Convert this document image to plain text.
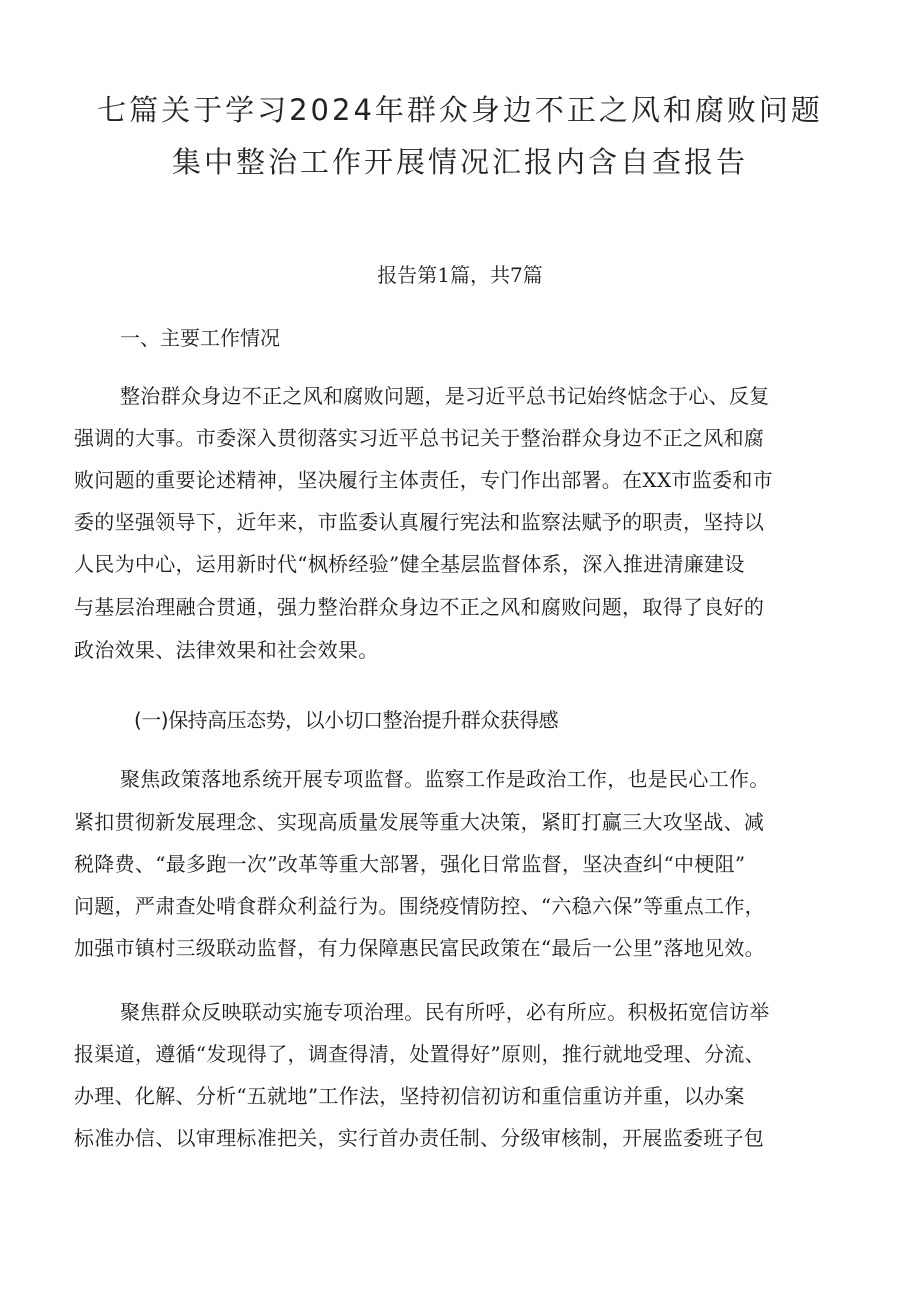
七篇关于学习2024年群众身边不正之风和腐败问题
集中整治工作开展情况汇报内含自查报告
报告第1篇，共7篇
一、主要工作情况
整治群众身边不正之风和腐败问题，是习近平总书记始终惦念于心、反复
强调的大事。市委深入贯彻落实习近平总书记关于整治群众身边不正之风和腐
败问题的重要论述精神，坚决履行主体责任，专门作出部署。在XX市监委和市
委的坚强领导下，近年来，市监委认真履行宪法和监察法赋予的职责，坚持以
人民为中心，运用新时代“枫桥经验”健全基层监督体系，深入推进清廉建设
与基层治理融合贯通，强力整治群众身边不正之风和腐败问题，取得了良好的
政治效果、法律效果和社会效果。
(一)保持高压态势，以小切口整治提升群众获得感
聚焦政策落地系统开展专项监督。监察工作是政治工作，也是民心工作。
紧扣贯彻新发展理念、实现高质量发展等重大决策，紧盯打赢三大攻坚战、减
税降费、“最多跑一次”改革等重大部署，强化日常监督，坚决查纠“中梗阻”
问题，严肃查处啃食群众利益行为。围绕疫情防控、“六稳六保”等重点工作，
加强市镇村三级联动监督，有力保障惠民富民政策在“最后一公里”落地见效。
聚焦群众反映联动实施专项治理。民有所呼，必有所应。积极拓宽信访举
报渠道，遵循“发现得了，调查得清，处置得好”原则，推行就地受理、分流、
办理、化解、分析“五就地”工作法，坚持初信初访和重信重访并重，以办案
标准办信、以审理标准把关，实行首办责任制、分级审核制，开展监委班子包
